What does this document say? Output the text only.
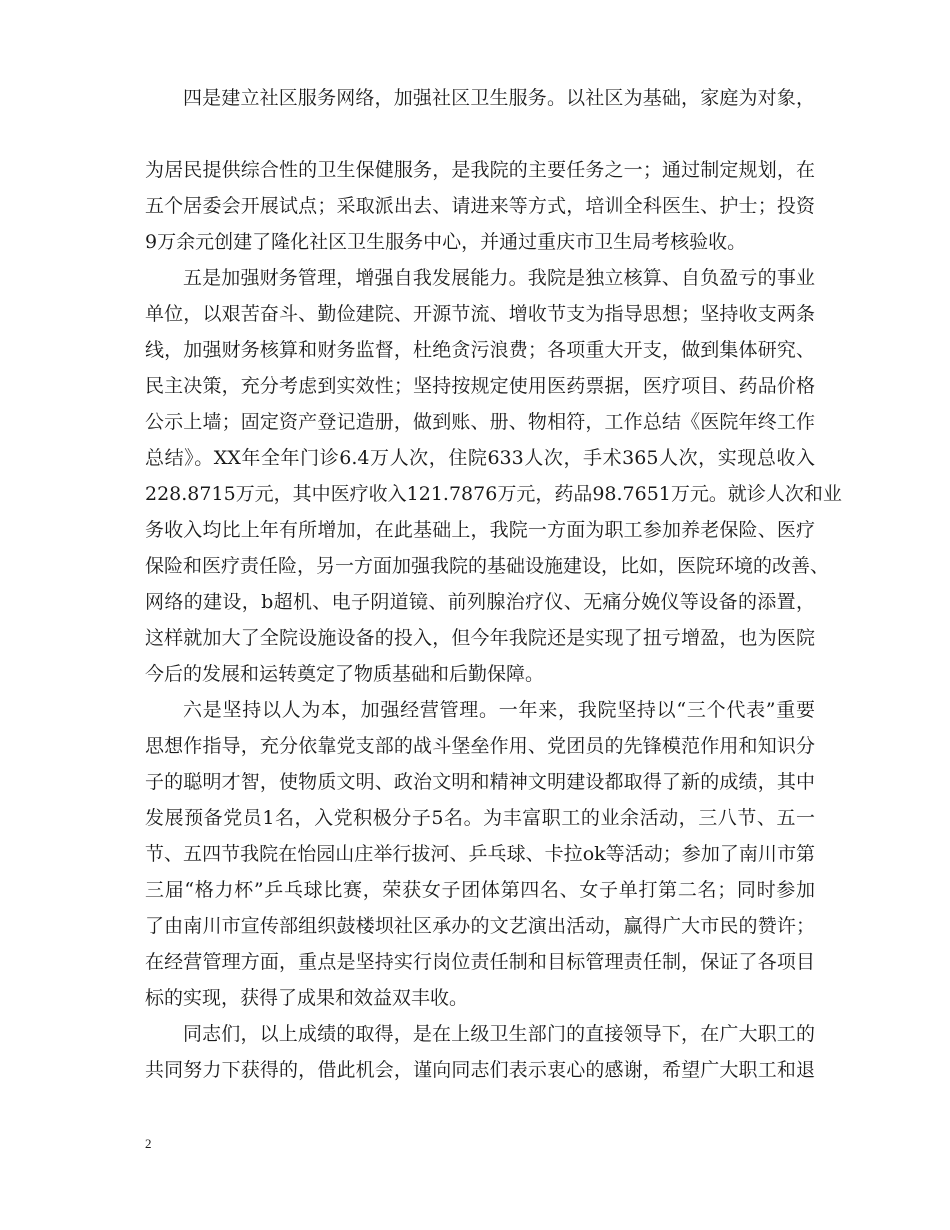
四是建立社区服务网络，加强社区卫生服务。以社区为基础，家庭为对象，
为居民提供综合性的卫生保健服务，是我院的主要任务之一；通过制定规划，在
五个居委会开展试点；采取派出去、请进来等方式，培训全科医生、护士；投资
9万余元创建了隆化社区卫生服务中心，并通过重庆市卫生局考核验收。
五是加强财务管理，增强自我发展能力。我院是独立核算、自负盈亏的事业
单位，以艰苦奋斗、勤俭建院、开源节流、增收节支为指导思想；坚持收支两条
线，加强财务核算和财务监督，杜绝贪污浪费；各项重大开支，做到集体研究、
民主决策，充分考虑到实效性；坚持按规定使用医药票据，医疗项目、药品价格
公示上墙；固定资产登记造册，做到账、册、物相符，工作总结《医院年终工作
总结》。XX年全年门诊6.4万人次，住院633人次，手术365人次，实现总收入
228.8715万元，其中医疗收入121.7876万元，药品98.7651万元。就诊人次和业
务收入均比上年有所增加，在此基础上，我院一方面为职工参加养老保险、医疗
保险和医疗责任险，另一方面加强我院的基础设施建设，比如，医院环境的改善、
网络的建设，b超机、电子阴道镜、前列腺治疗仪、无痛分娩仪等设备的添置，
这样就加大了全院设施设备的投入，但今年我院还是实现了扭亏增盈，也为医院
今后的发展和运转奠定了物质基础和后勤保障。
六是坚持以人为本，加强经营管理。一年来，我院坚持以“三个代表”重要
思想作指导，充分依靠党支部的战斗堡垒作用、党团员的先锋模范作用和知识分
子的聪明才智，使物质文明、政治文明和精神文明建设都取得了新的成绩，其中
发展预备党员1名，入党积极分子5名。为丰富职工的业余活动，三八节、五一
节、五四节我院在怡园山庄举行拔河、乒乓球、卡拉ok等活动；参加了南川市第
三届“格力杯”乒乓球比赛，荣获女子团体第四名、女子单打第二名；同时参加
了由南川市宣传部组织鼓楼坝社区承办的文艺演出活动，赢得广大市民的赞许；
在经营管理方面，重点是坚持实行岗位责任制和目标管理责任制，保证了各项目
标的实现，获得了成果和效益双丰收。
同志们，以上成绩的取得，是在上级卫生部门的直接领导下，在广大职工的
共同努力下获得的，借此机会，谨向同志们表示衷心的感谢，希望广大职工和退
2
